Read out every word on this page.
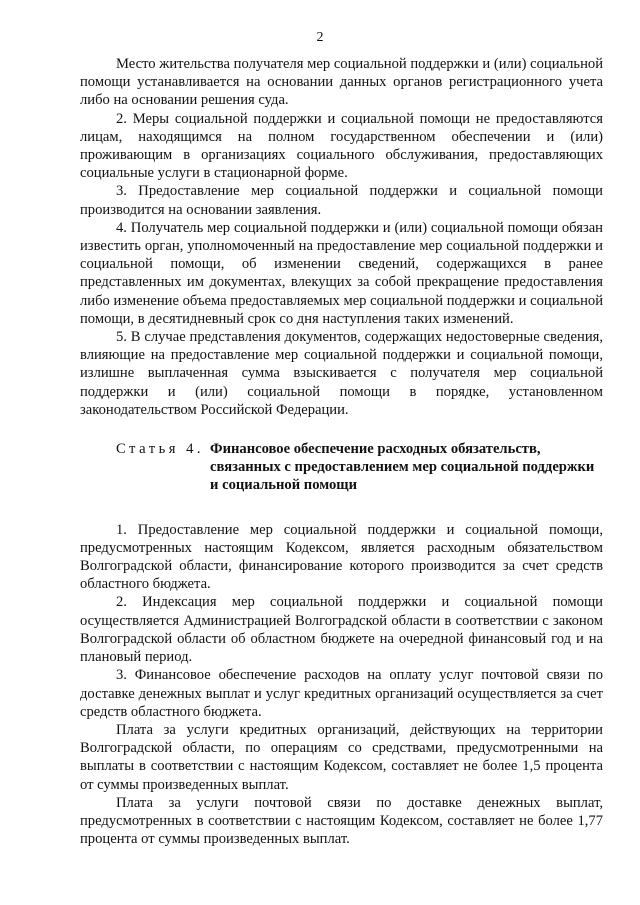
2

Место жительства получателя мер социальной поддержки и (или) социальной помощи устанавливается на основании данных органов регистрационного учета либо на основании решения суда.

2. Меры социальной поддержки и социальной помощи не предоставляются лицам, находящимся на полном государственном обеспечении и (или) проживающим в организациях социального обслуживания, предоставляющих социальные услуги в стационарной форме.

3. Предоставление мер социальной поддержки и социальной помощи производится на основании заявления.

4. Получатель мер социальной поддержки и (или) социальной помощи обязан известить орган, уполномоченный на предоставление мер социальной поддержки и социальной помощи, об изменении сведений, содержащихся в ранее представленных им документах, влекущих за собой прекращение предоставления либо изменение объема предоставляемых мер социальной поддержки и социальной помощи, в десятидневный срок со дня наступления таких изменений.

5. В случае представления документов, содержащих недостоверные сведения, влияющие на предоставление мер социальной поддержки и социальной помощи, излишне выплаченная сумма взыскивается с получателя мер социальной поддержки и (или) социальной помощи в порядке, установленном законодательством Российской Федерации.

Статья 4. Финансовое обеспечение расходных обязательств,
связанных с предоставлением мер социальной поддержки
и социальной помощи

1. Предоставление мер социальной поддержки и социальной помощи, предусмотренных настоящим Кодексом, является расходным обязательством Волгоградской области, финансирование которого производится за счет средств областного бюджета.

2. Индексация мер социальной поддержки и социальной помощи осуществляется Администрацией Волгоградской области в соответствии с законом Волгоградской области об областном бюджете на очередной финансовый год и на плановый период.

3. Финансовое обеспечение расходов на оплату услуг почтовой связи по доставке денежных выплат и услуг кредитных организаций осуществляется за счет средств областного бюджета.

Плата за услуги кредитных организаций, действующих на территории Волгоградской области, по операциям со средствами, предусмотренными на выплаты в соответствии с настоящим Кодексом, составляет не более 1,5 процента от суммы произведенных выплат.

Плата за услуги почтовой связи по доставке денежных выплат, предусмотренных в соответствии с настоящим Кодексом, составляет не более 1,77 процента от суммы произведенных выплат.
